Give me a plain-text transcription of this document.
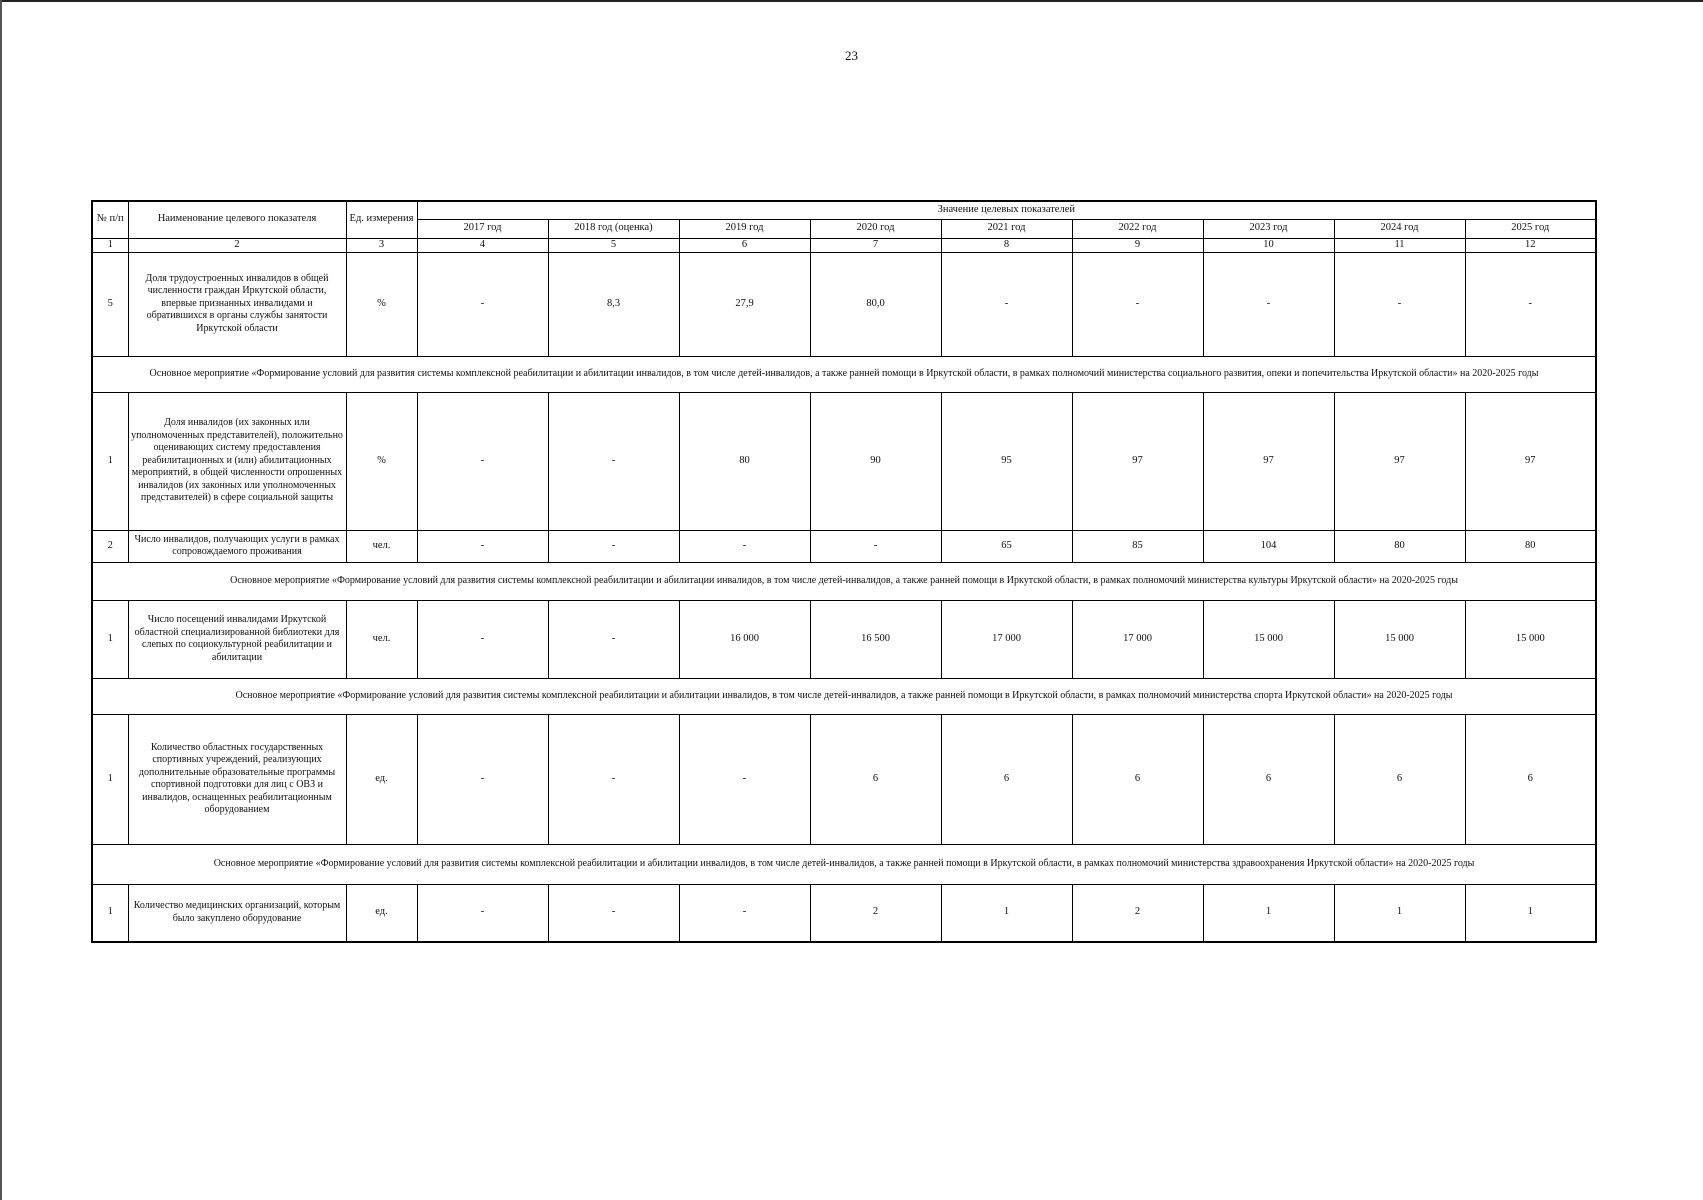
23
№ п/п	Наименование целевого показателя	Ед. измерения	Значение целевых показателей								
			2017 год	2018 год (оценка)	2019 год	2020 год	2021 год	2022 год	2023 год	2024 год	2025 год
1	2	3	4	5	6	7	8	9	10	11	12
5	Доля трудоустроенных инвалидов в общей численности граждан Иркутской области, впервые признанных инвалидами и обратившихся в органы службы занятости Иркутской области	%	-	8,3	27,9	80,0	-	-	-	-	-
Основное мероприятие «Формирование условий для развития системы комплексной реабилитации и абилитации инвалидов, в том числе детей-инвалидов, а также ранней помощи в Иркутской области, в рамках полномочий министерства социального развития, опеки и попечительства Иркутской области» на 2020-2025 годы											
1	Доля инвалидов (их законных или уполномоченных представителей), положительно оценивающих систему предоставления реабилитационных и (или) абилитационных мероприятий, в общей численности опрошенных инвалидов (их законных или уполномоченных представителей) в сфере социальной защиты	%	-	-	80	90	95	97	97	97	97
2	Число инвалидов, получающих услуги в рамках сопровождаемого проживания	чел.	-	-	-	-	65	85	104	80	80
Основное мероприятие «Формирование условий для развития системы комплексной реабилитации и абилитации инвалидов, в том числе детей-инвалидов, а также ранней помощи в Иркутской области, в рамках полномочий министерства культуры Иркутской области» на 2020-2025 годы											
1	Число посещений инвалидами Иркутской областной специализированной библиотеки для слепых по социокультурной реабилитации и абилитации	чел.	-	-	16 000	16 500	17 000	17 000	15 000	15 000	15 000
Основное мероприятие «Формирование условий для развития системы комплексной реабилитации и абилитации инвалидов, в том числе детей-инвалидов, а также ранней помощи в Иркутской области, в рамках полномочий министерства спорта Иркутской области» на 2020-2025 годы											
1	Количество областных государственных спортивных учреждений, реализующих дополнительные образовательные программы спортивной подготовки для лиц с ОВЗ и инвалидов, оснащенных реабилитационным оборудованием	ед.	-	-	-	6	6	6	6	6	6
Основное мероприятие «Формирование условий для развития системы комплексной реабилитации и абилитации инвалидов, в том числе детей-инвалидов, а также ранней помощи в Иркутской области, в рамках полномочий министерства здравоохранения Иркутской области» на 2020-2025 годы											
1	Количество медицинских организаций, которым было закуплено оборудование	ед.	-	-	-	2	1	2	1	1	1
